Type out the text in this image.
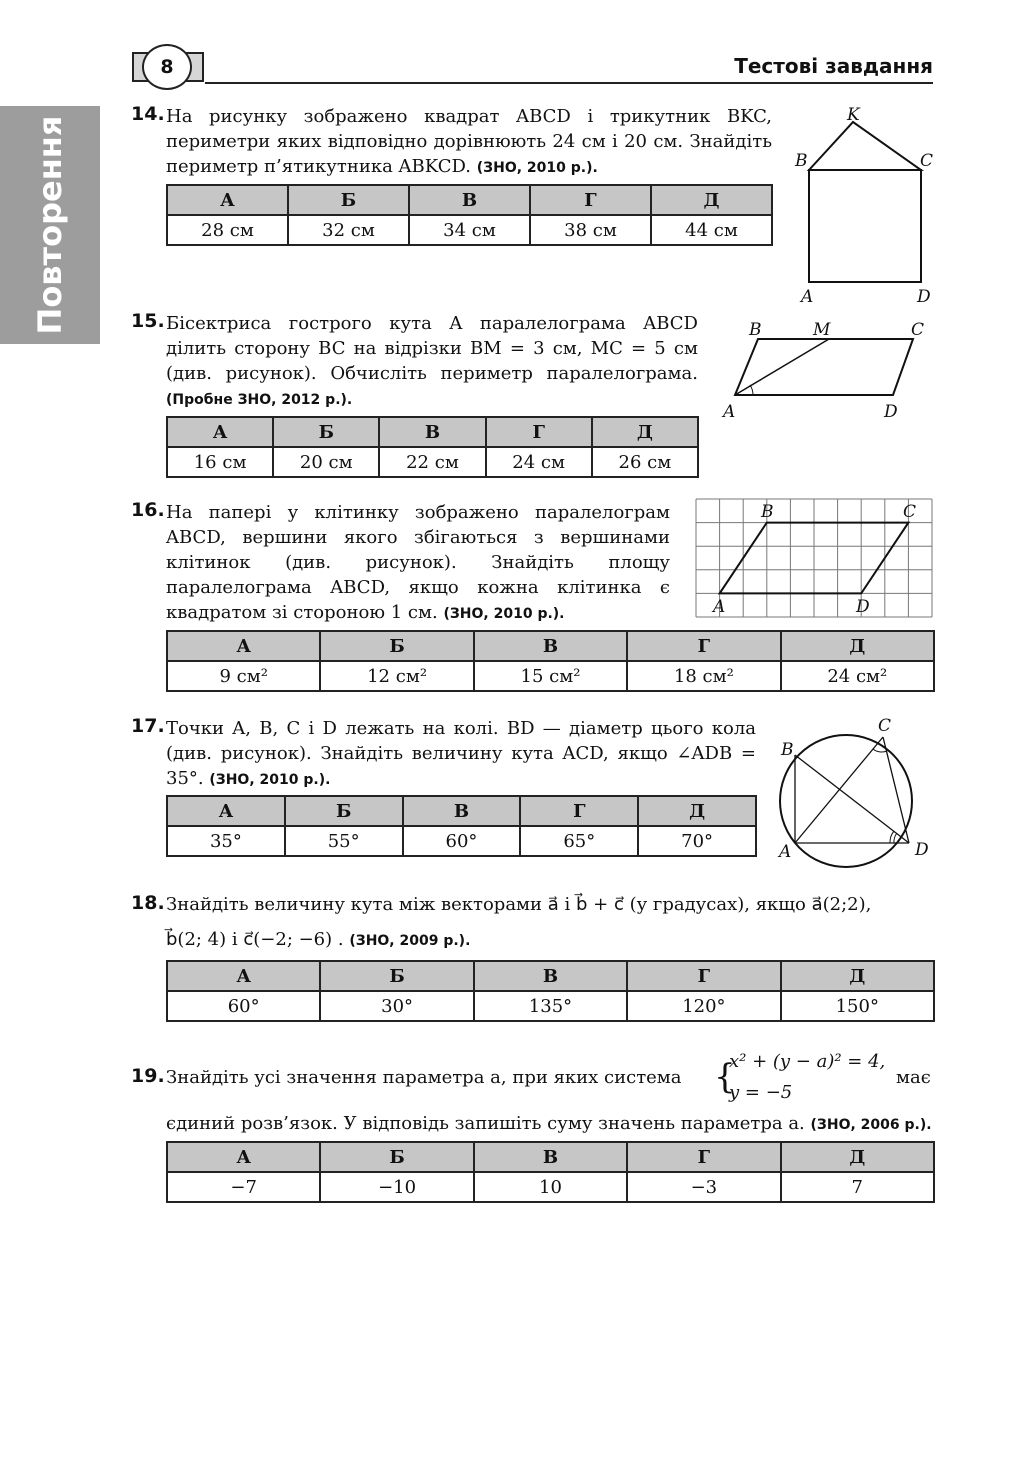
8	Тестові завдання
Повторення
14. На рисунку зображено квадрат ABCD і трикутник BKC, периметри яких відповідно дорівнюють 24 см і 20 см. Знайдіть периметр п’ятикутника ABKCD. (ЗНО, 2010 р.).
А	Б	В	Г	Д
28 см	32 см	34 см	38 см	44 см
K
B	C
A	D
15. Бісектриса гострого кута A паралелограма ABCD ділить сторону BC на відрізки BM = 3 см, MC = 5 см (див. рисунок). Обчисліть периметр паралелограма. (Пробне ЗНО, 2012 р.).
А	Б	В	Г	Д
16 см	20 см	22 см	24 см	26 см
B	M	C
A	D
16. На папері у клітинку зображено паралелограм ABCD, вершини якого збігаються з вершинами клітинок (див. рисунок). Знайдіть площу паралелограма ABCD, якщо кожна клітинка є квадратом зі стороною 1 см. (ЗНО, 2010 р.).
B	C
A	D
А	Б	В	Г	Д
9 см²	12 см²	15 см²	18 см²	24 см²
17. Точки A, B, C і D лежать на колі. BD — діаметр цього кола (див. рисунок). Знайдіть величину кута ACD, якщо ∠ADB = 35°. (ЗНО, 2010 р.).
А	Б	В	Г	Д
35°	55°	60°	65°	70°
C
B
A	D
18. Знайдіть величину кута між векторами a⃗ і b⃗ + c⃗ (у градусах), якщо a⃗(2;2),
b⃗(2; 4) і c⃗(−2; −6) . (ЗНО, 2009 р.).
А	Б	В	Г	Д
60°	30°	135°	120°	150°
19. Знайдіть усі значення параметра a, при яких система {
x² + (y − a)² = 4,
y = −5
має
єдиний розв’язок. У відповідь запишіть суму значень параметра a. (ЗНО, 2006 р.).
А	Б	В	Г	Д
−7	−10	10	−3	7
